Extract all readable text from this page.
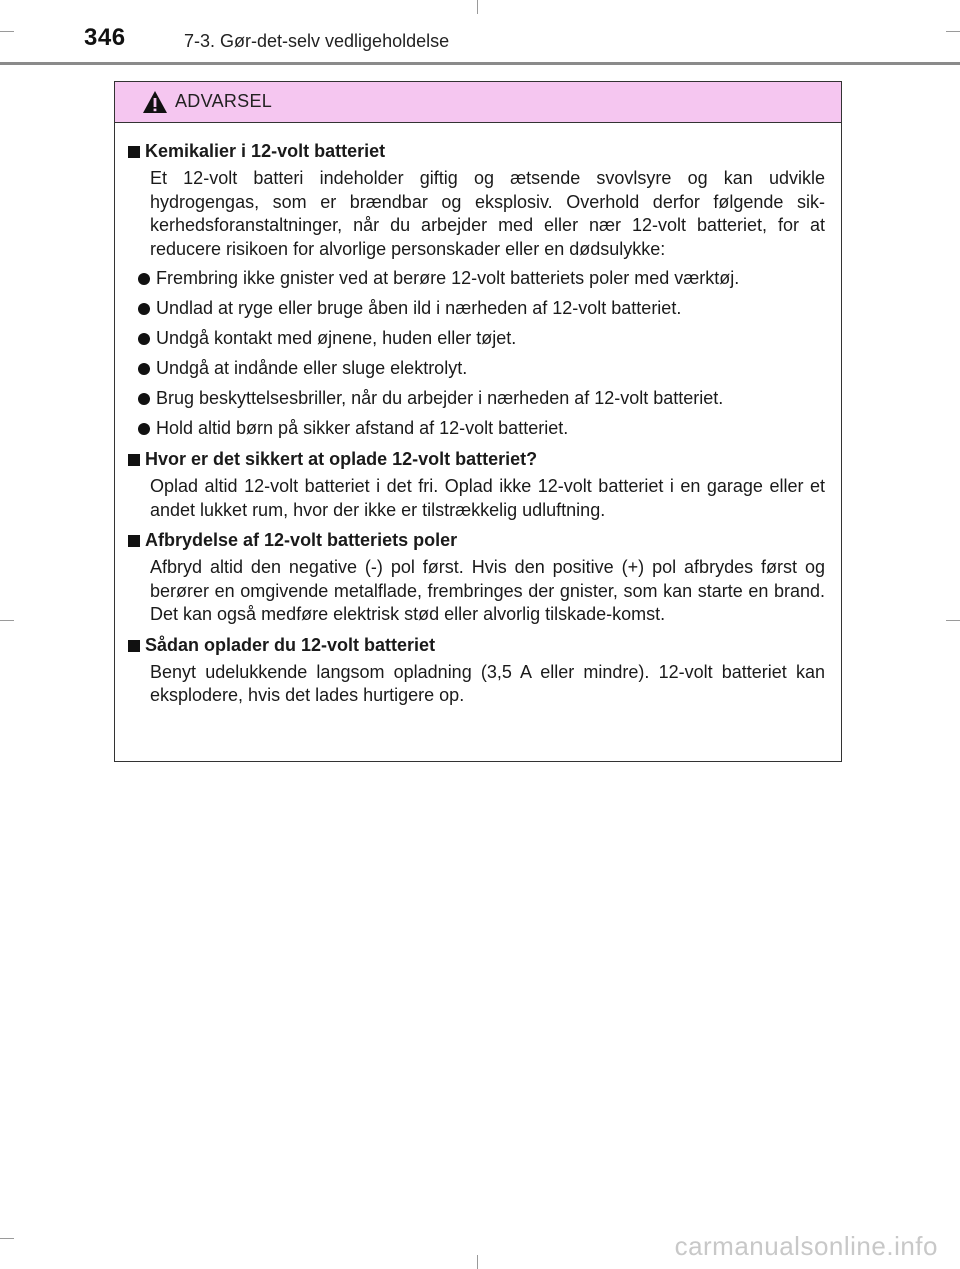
346	7-3. Gør-det-selv vedligeholdelse
ADVARSEL
Kemikalier i 12-volt batteriet
Et 12-volt batteri indeholder giftig og ætsende svovlsyre og kan udvikle hydrogengas, som er brændbar og eksplosiv. Overhold derfor følgende sik-kerhedsforanstaltninger, når du arbejder med eller nær 12-volt batteriet, for at reducere risikoen for alvorlige personskader eller en dødsulykke:
Frembring ikke gnister ved at berøre 12-volt batteriets poler med værktøj.
Undlad at ryge eller bruge åben ild i nærheden af 12-volt batteriet.
Undgå kontakt med øjnene, huden eller tøjet.
Undgå at indånde eller sluge elektrolyt.
Brug beskyttelsesbriller, når du arbejder i nærheden af 12-volt batteriet.
Hold altid børn på sikker afstand af 12-volt batteriet.
Hvor er det sikkert at oplade 12-volt batteriet?
Oplad altid 12-volt batteriet i det fri. Oplad ikke 12-volt batteriet i en garage eller et andet lukket rum, hvor der ikke er tilstrækkelig udluftning.
Afbrydelse af 12-volt batteriets poler
Afbryd altid den negative (-) pol først. Hvis den positive (+) pol afbrydes først og berører en omgivende metalflade, frembringes der gnister, som kan starte en brand. Det kan også medføre elektrisk stød eller alvorlig tilskade-komst.
Sådan oplader du 12-volt batteriet
Benyt udelukkende langsom opladning (3,5 A eller mindre). 12-volt batteriet kan eksplodere, hvis det lades hurtigere op.
carmanualsonline.info
